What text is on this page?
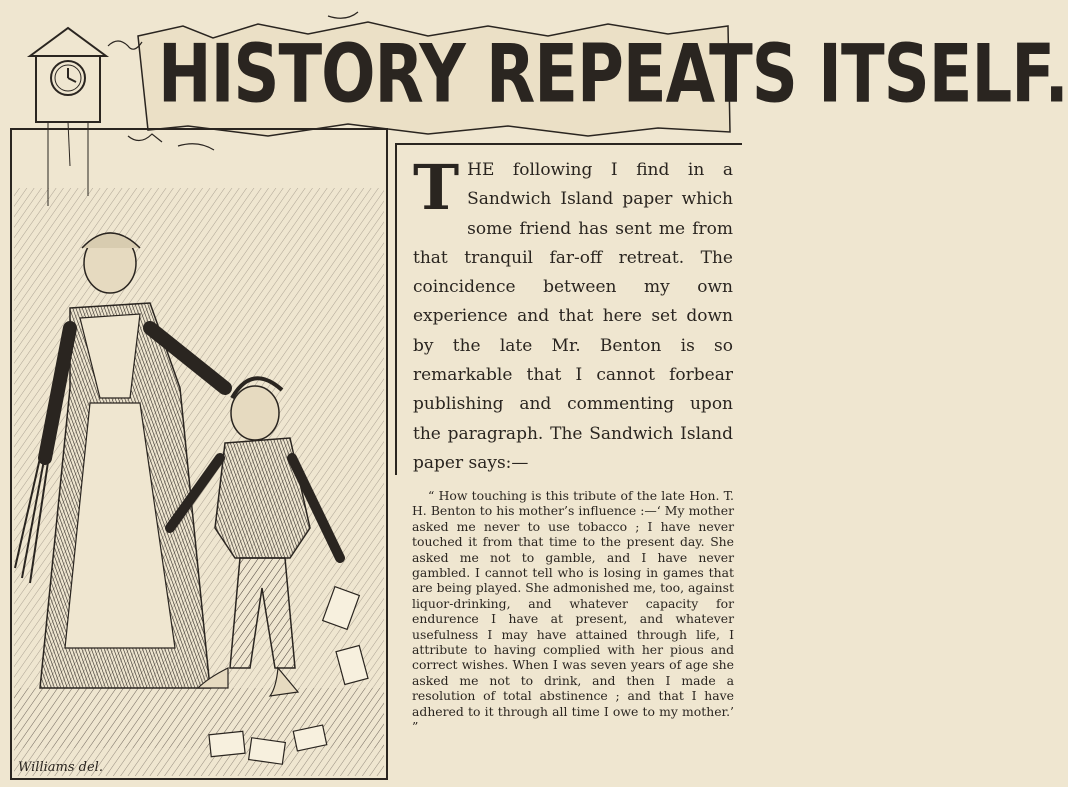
HISTORY REPEATS ITSELF.
Williams del.
T HE following I find in a Sandwich Island paper which some friend has sent me from that tranquil far-off retreat. The coincidence between my own experience and that here set down by the late Mr. Benton is so remarkable that I cannot forbear publishing and commenting upon the paragraph. The Sandwich Island paper says:—

“ How touching is this tribute of the late Hon. T. H. Benton to his mother’s influence :—‘ My mother asked me never to use tobacco ; I have never touched it from that time to the present day. She asked me not to gamble, and I have never gambled. I cannot tell who is losing in games that are being played. She admonished me, too, against liquor-drinking, and whatever capacity for endurence I have at present, and whatever usefulness I may have attained through life, I attribute to having complied with her pious and correct wishes. When I was seven years of age she asked me not to drink, and then I made a resolution of total abstinence ; and that I have adhered to it through all time I owe to my mother.’ ”
